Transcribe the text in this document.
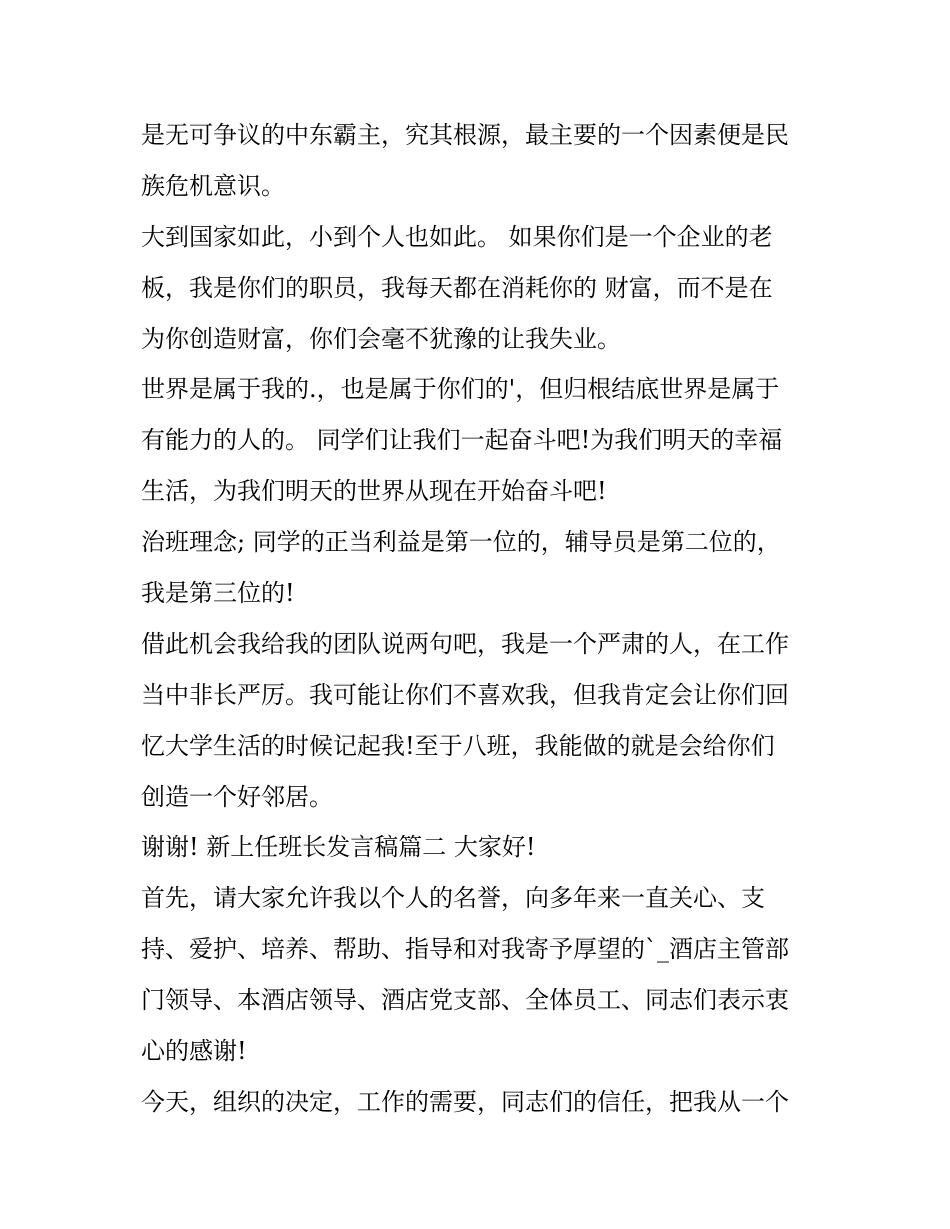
是无可争议的中东霸主，究其根源，最主要的一个因素便是民
族危机意识。
大到国家如此，小到个人也如此。 如果你们是一个企业的老
板，我是你们的职员，我每天都在消耗你的 财富，而不是在
为你创造财富，你们会毫不犹豫的让我失业。
世界是属于我的.，也是属于你们的'，但归根结底世界是属于
有能力的人的。 同学们让我们一起奋斗吧!为我们明天的幸福
生活，为我们明天的世界从现在开始奋斗吧!
治班理念; 同学的正当利益是第一位的，辅导员是第二位的，
我是第三位的!
借此机会我给我的团队说两句吧，我是一个严肃的人，在工作
当中非长严厉。我可能让你们不喜欢我，但我肯定会让你们回
忆大学生活的时候记起我!至于八班，我能做的就是会给你们
创造一个好邻居。
谢谢! 新上任班长发言稿篇二 大家好!
首先，请大家允许我以个人的名誉，向多年来一直关心、支
持、爱护、培养、帮助、指导和对我寄予厚望的`_酒店主管部
门领导、本酒店领导、酒店党支部、全体员工、同志们表示衷
心的感谢!
今天，组织的决定，工作的需要，同志们的信任，把我从一个
